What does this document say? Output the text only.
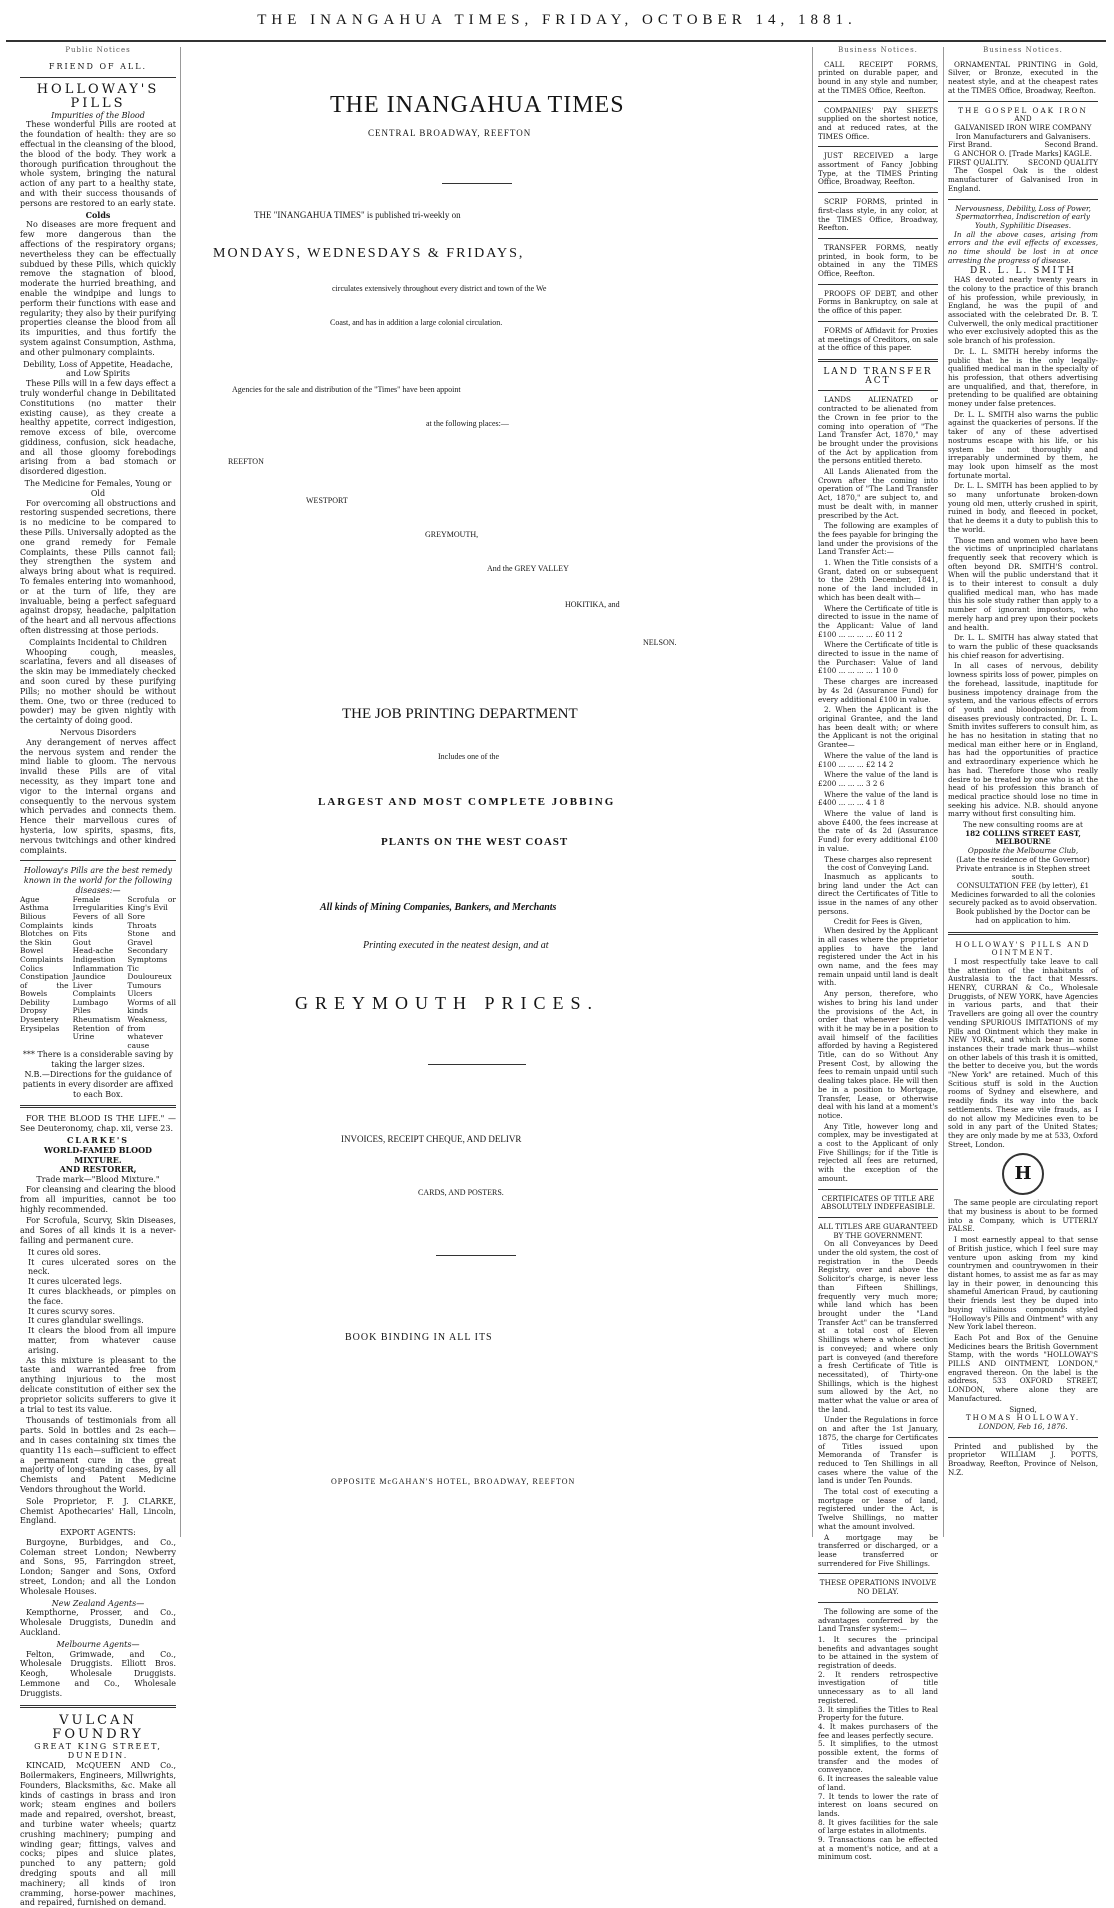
THE INANGAHUA TIMES, FRIDAY, OCTOBER 14, 1881.
Public Notices
FRIEND OF ALL.
HOLLOWAY'S PILLS
Impurities of the Blood

These wonderful Pills are rooted at the foundation of health: they are so effectual in the cleansing of the blood, the blood of the body. They work a thorough purification throughout the whole system, bringing the natural action of any part to a healthy state, and with their success thousands of persons are restored to an early state.

Colds

No diseases are more frequent and few more dangerous than the affections of the respiratory organs; nevertheless they can be effectually subdued by these Pills, which quickly remove the stagnation of blood, moderate the hurried breathing, and enable the windpipe and lungs to perform their functions with ease and regularity; they also by their purifying properties cleanse the blood from all its impurities, and thus fortify the system against Consumption, Asthma, and other pulmonary complaints.

Debility, Loss of Appetite, Headache, and Low Spirits

These Pills will in a few days effect a truly wonderful change in Debilitated Constitutions (no matter their existing cause), as they create a healthy appetite, correct indigestion, remove excess of bile, overcome giddiness, confusion, sick headache, and all those gloomy forebodings arising from a bad stomach or disordered digestion.

The Medicine for Females, Young or Old

For overcoming all obstructions and restoring suspended secretions, there is no medicine to be compared to these Pills. Universally adopted as the one grand remedy for Female Complaints, these Pills cannot fail; they strengthen the system and always bring about what is required. To females entering into womanhood, or at the turn of life, they are invaluable, being a perfect safeguard against dropsy, headache, palpitation of the heart and all nervous affections often distressing at those periods.

Complaints Incidental to Children

Whooping cough, measles, scarlatina, fevers and all diseases of the skin may be immediately checked and soon cured by these purifying Pills; no mother should be without them. One, two or three (reduced to powder) may be given nightly with the certainty of doing good.

Nervous Disorders

Any derangement of nerves affect the nervous system and render the mind liable to gloom. The nervous invalid these Pills are of vital necessity, as they impart tone and vigor to the internal organs and consequently to the nervous system which pervades and connects them. Hence their marvellous cures of hysteria, low spirits, spasms, fits, nervous twitchings and other kindred complaints.

Holloway's Pills are the best remedy known in the world for the following diseases:—
Ague
Asthma
Bilious Complaints
Blotches on the Skin
Bowel Complaints
Colics
Constipation of the Bowels
Debility
Dropsy
Dysentery
Erysipelas
Female Irregularities
Fevers of all kinds
Fits
Gout
Head-ache
Indigestion
Inflammation
Jaundice
Liver Complaints
Lumbago
Piles
Rheumatism
Retention of Urine
Scrofula or King's Evil
Sore Throats
Stone and Gravel
Secondary Symptoms
Tic Douloureux
Tumours
Ulcers
Worms of all kinds
Weakness, from whatever cause
*** There is a considerable saving by taking the larger sizes.
N.B.—Directions for the guidance of patients in every disorder are affixed to each Box.

FOR THE BLOOD IS THE LIFE." —See Deuteronomy, chap. xii, verse 23.

CLARKE'S
WORLD-FAMED BLOOD MIXTURE.
AND RESTORER,
Trade mark—"Blood Mixture."

For cleansing and clearing the blood from all impurities, cannot be too highly recommended.

For Scrofula, Scurvy, Skin Diseases, and Sores of all kinds it is a never-failing and permanent cure.

It cures old sores.
It cures ulcerated sores on the neck.
It cures ulcerated legs.
It cures blackheads, or pimples on the face.
It cures scurvy sores.
It cures glandular swellings.
It clears the blood from all impure matter, from whatever cause arising.

As this mixture is pleasant to the taste and warranted free from anything injurious to the most delicate constitution of either sex the proprietor solicits sufferers to give it a trial to test its value.

Thousands of testimonials from all parts. Sold in bottles and 2s each—and in cases containing six times the quantity 11s each—sufficient to effect a permanent cure in the great majority of long-standing cases, by all Chemists and Patent Medicine Vendors throughout the World.

Sole Proprietor, F. J. CLARKE, Chemist Apothecaries' Hall, Lincoln, England.

EXPORT AGENTS:

Burgoyne, Burbidges, and Co., Coleman street London; Newberry and Sons, 95, Farringdon street, London; Sanger and Sons, Oxford street, London; and all the London Wholesale Houses.

New Zealand Agents—

Kempthorne, Prosser, and Co., Wholesale Druggists, Dunedin and Auckland.

Melbourne Agents—

Felton, Grimwade, and Co., Wholesale Druggists. Elliott Bros. Keogh, Wholesale Druggists. Lemmone and Co., Wholesale Druggists.

VULCAN FOUNDRY
GREAT KING STREET,
DUNEDIN.

KINCAID, McQUEEN AND Co., Boilermakers, Engineers, Millwrights, Founders, Blacksmiths, &c. Make all kinds of castings in brass and iron work; steam engines and boilers made and repaired, overshot, breast, and turbine water wheels; quartz crushing machinery; pumping and winding gear; fittings, valves and cocks; pipes and sluice plates, punched to any pattern; gold dredging spouts and all mill machinery; all kinds of iron cramming, horse-power machines, and repaired, furnished on demand.

THE INANGAHUA TIMES
CENTRAL BROADWAY, REEFTON
THE "INANGAHUA TIMES" is published tri-weekly on
MONDAYS, WEDNESDAYS & FRIDAYS,
circulates extensively throughout every district and town of the We
Coast, and has in addition a large colonial circulation.
Agencies for the sale and distribution of the "Times" have been appoint
at the following places:—
REEFTON
WESTPORT
GREYMOUTH,
And the GREY VALLEY
HOKITIKA, and
NELSON.
THE JOB PRINTING DEPARTMENT
Includes one of the
LARGEST AND MOST COMPLETE JOBBING
PLANTS ON THE WEST COAST
All kinds of Mining Companies, Bankers, and Merchants
Printing executed in the neatest design, and at
GREYMOUTH PRICES.
INVOICES, RECEIPT CHEQUE, AND DELIVR
CARDS, AND POSTERS.
BOOK BINDING IN ALL ITS
OPPOSITE McGAHAN'S HOTEL, BROADWAY, REEFTON
Business Notices.

CALL RECEIPT FORMS, printed on durable paper, and bound in any style and number, at the TIMES Office, Reefton.

COMPANIES' PAY SHEETS supplied on the shortest notice, and at reduced rates, at the TIMES Office.

JUST RECEIVED a large assortment of Fancy Jobbing Type, at the TIMES Printing Office, Broadway, Reefton.

SCRIP FORMS, printed in first-class style, in any color, at the TIMES Office, Broadway, Reefton.

TRANSFER FORMS, neatly printed, in book form, to be obtained in any the TIMES Office, Reefton.

PROOFS OF DEBT, and other Forms in Bankruptcy, on sale at the office of this paper.

FORMS of Affidavit for Proxies at meetings of Creditors, on sale at the office of this paper.

LAND TRANSFER ACT

LANDS ALIENATED or contracted to be alienated from the Crown in fee prior to the coming into operation of "The Land Transfer Act, 1870," may be brought under the provisions of the Act by application from the persons entitled thereto.

All Lands Alienated from the Crown after the coming into operation of "The Land Transfer Act, 1870," are subject to, and must be dealt with, in manner prescribed by the Act.

The following are examples of the fees payable for bringing the land under the provisions of the Land Transfer Act:—

1. When the Title consists of a Grant, dated on or subsequent to the 29th December, 1841, none of the land included in which has been dealt with—

Where the Certificate of title is directed to issue in the name of the Applicant: Value of land £100 ... ... ... ... £0 11 2

Where the Certificate of title is directed to issue in the name of the Purchaser: Value of land £100 ... ... ... ... 1 10 0

These charges are increased by 4s 2d (Assurance Fund) for every additional £100 in value.

2. When the Applicant is the original Grantee, and the land has been dealt with; or where the Applicant is not the original Grantee—

Where the value of the land is £100 ... ... ... £2 14 2

Where the value of the land is £200 ... ... ... 3 2 6

Where the value of the land is £400 ... ... ... 4 1 8

Where the value of land is above £400, the fees increase at the rate of 4s 2d (Assurance Fund) for every additional £100 in value.

These charges also represent the cost of Conveying Land.

Inasmuch as applicants to bring land under the Act can direct the Certificates of Title to issue in the names of any other persons.

Credit for Fees is Given,

When desired by the Applicant in all cases where the proprietor applies to have the land registered under the Act in his own name, and the fees may remain unpaid until land is dealt with.

Any person, therefore, who wishes to bring his land under the provisions of the Act, in order that whenever he deals with it he may be in a position to avail himself of the facilities afforded by having a Registered Title, can do so Without Any Present Cost, by allowing the fees to remain unpaid until such dealing takes place. He will then be in a position to Mortgage, Transfer, Lease, or otherwise deal with his land at a moment's notice.

Any Title, however long and complex, may be investigated at a cost to the Applicant of only Five Shillings; for if the Title is rejected all fees are returned, with the exception of the amount.

CERTIFICATES OF TITLE ARE ABSOLUTELY INDEFEASIBLE.
ALL TITLES ARE GUARANTEED BY THE GOVERNMENT.

On all Conveyances by Deed under the old system, the cost of registration in the Deeds Registry, over and above the Solicitor's charge, is never less than Fifteen Shillings, frequently very much more; while land which has been brought under the "Land Transfer Act" can be transferred at a total cost of Eleven Shillings where a whole section is conveyed; and where only part is conveyed (and therefore a fresh Certificate of Title is necessitated), of Thirty-one Shillings, which is the highest sum allowed by the Act, no matter what the value or area of the land.

Under the Regulations in force on and after the 1st January, 1875, the charge for Certificates of Titles issued upon Memoranda of Transfer is reduced to Ten Shillings in all cases where the value of the land is under Ten Pounds.

The total cost of executing a mortgage or lease of land, registered under the Act, is Twelve Shillings, no matter what the amount involved.

A mortgage may be transferred or discharged, or a lease transferred or surrendered for Five Shillings.

THESE OPERATIONS INVOLVE NO DELAY.

The following are some of the advantages conferred by the Land Transfer system:—

1. It secures the principal benefits and advantages sought to be attained in the system of registration of deeds.
2. It renders retrospective investigation of title unnecessary as to all land registered.
3. It simplifies the Titles to Real Property for the future.
4. It makes purchasers of the fee and leases perfectly secure.
5. It simplifies, to the utmost possible extent, the forms of transfer and the modes of conveyance.
6. It increases the saleable value of land.
7. It tends to lower the rate of interest on loans secured on lands.
8. It gives facilities for the sale of large estates in allotments.
9. Transactions can be effected at a moment's notice, and at a minimum cost.
Business Notices.

ORNAMENTAL PRINTING in Gold, Silver, or Bronze, executed in the neatest style, and at the cheapest rates at the TIMES Office, Broadway, Reefton.

THE GOSPEL OAK IRON
AND
GALVANISED IRON WIRE COMPANY
Iron Manufacturers and Galvanisers.
First Brand.	Second Brand.
G ANCHOR O. [Trade Marks] KAGLE.
FIRST QUALITY.	SECOND QUALITY

The Gospel Oak is the oldest manufacturer of Galvanised Iron in England.

Nervousness, Debility, Loss of Power, Spermatorrhea, Indiscretion of early Youth, Syphilitic Diseases.

In all the above cases, arising from errors and the evil effects of excesses, no time should be lost in at once arresting the progress of disease.

DR. L. L. SMITH

HAS devoted nearly twenty years in the colony to the practice of this branch of his profession, while previously, in England, he was the pupil of and associated with the celebrated Dr. B. T. Culverwell, the only medical practitioner who ever exclusively adopted this as the sole branch of his profession.

Dr. L. L. SMITH hereby informs the public that he is the only legally-qualified medical man in the specialty of his profession, that others advertising are unqualified, and that, therefore, in pretending to be qualified are obtaining money under false pretences.

Dr. L. L. SMITH also warns the public against the quackeries of persons. If the taker of any of these advertised nostrums escape with his life, or his system be not thoroughly and irreparably undermined by them, he may look upon himself as the most fortunate mortal.

Dr. L. L. SMITH has been applied to by so many unfortunate broken-down young old men, utterly crushed in spirit, ruined in body, and fleeced in pocket, that he deems it a duty to publish this to the world.

Those men and women who have been the victims of unprincipled charlatans frequently seek that recovery which is often beyond DR. SMITH'S control. When will the public understand that it is to their interest to consult a duly qualified medical man, who has made this his sole study rather than apply to a number of ignorant impostors, who merely harp and prey upon their pockets and health.

Dr. L. L. SMITH has alway stated that to warn the public of these quacksands his chief reason for advertising.

In all cases of nervous, debility lowness spirits loss of power, pimples on the forehead, lassitude, inaptitude for business impotency drainage from the system, and the various effects of errors of youth and bloodpoisoning from diseases previously contracted, Dr. L. L. Smith invites sufferers to consult him, as he has no hesitation in stating that no medical man either here or in England, has had the opportunities of practice and extraordinary experience which he has had. Therefore those who really desire to be treated by one who is at the head of his profession this branch of medical practice should lose no time in seeking his advice. N.B. should anyone marry without first consulting him.

The new consulting rooms are at
182 COLLINS STREET EAST, MELBOURNE
Opposite the Melbourne Club,
(Late the residence of the Governor) Private entrance is in Stephen street south.
CONSULTATION FEE (by letter), £1
Medicines forwarded to all the colonies securely packed as to avoid observation.
Book published by the Doctor can be had on application to him.
HOLLOWAY'S PILLS AND OINTMENT.

I most respectfully take leave to call the attention of the inhabitants of Australasia to the fact that Messrs. HENRY, CURRAN & Co., Wholesale Druggists, of NEW YORK, have Agencies in various parts, and that their Travellers are going all over the country vending SPURIOUS IMITATIONS of my Pills and Ointment which they make in NEW YORK, and which bear in some instances their trade mark thus—whilst on other labels of this trash it is omitted, the better to deceive you, but the words "New York" are retained. Much of this Scitious stuff is sold in the Auction rooms of Sydney and elsewhere, and readily finds its way into the back settlements. These are vile frauds, as I do not allow my Medicines even to be sold in any part of the United States; they are only made by me at 533, Oxford Street, London.

H

The same people are circulating report that my business is about to be formed into a Company, which is UTTERLY FALSE.

I most earnestly appeal to that sense of British justice, which I feel sure may venture upon asking from my kind countrymen and countrywomen in their distant homes, to assist me as far as may lay in their power, in denouncing this shameful American Fraud, by cautioning their friends lest they be duped into buying villainous compounds styled "Holloway's Pills and Ointment" with any New York label thereon.

Each Pot and Box of the Genuine Medicines bears the British Government Stamp, with the words "HOLLOWAY'S PILLS AND OINTMENT, LONDON," engraved thereon. On the label is the address, 533 OXFORD STREET, LONDON, where alone they are Manufactured.

Signed,
THOMAS HOLLOWAY.
LONDON, Feb 16, 1876.

Printed and published by the proprietor WILLIAM J. POTTS, Broadway, Reefton, Province of Nelson, N.Z.
